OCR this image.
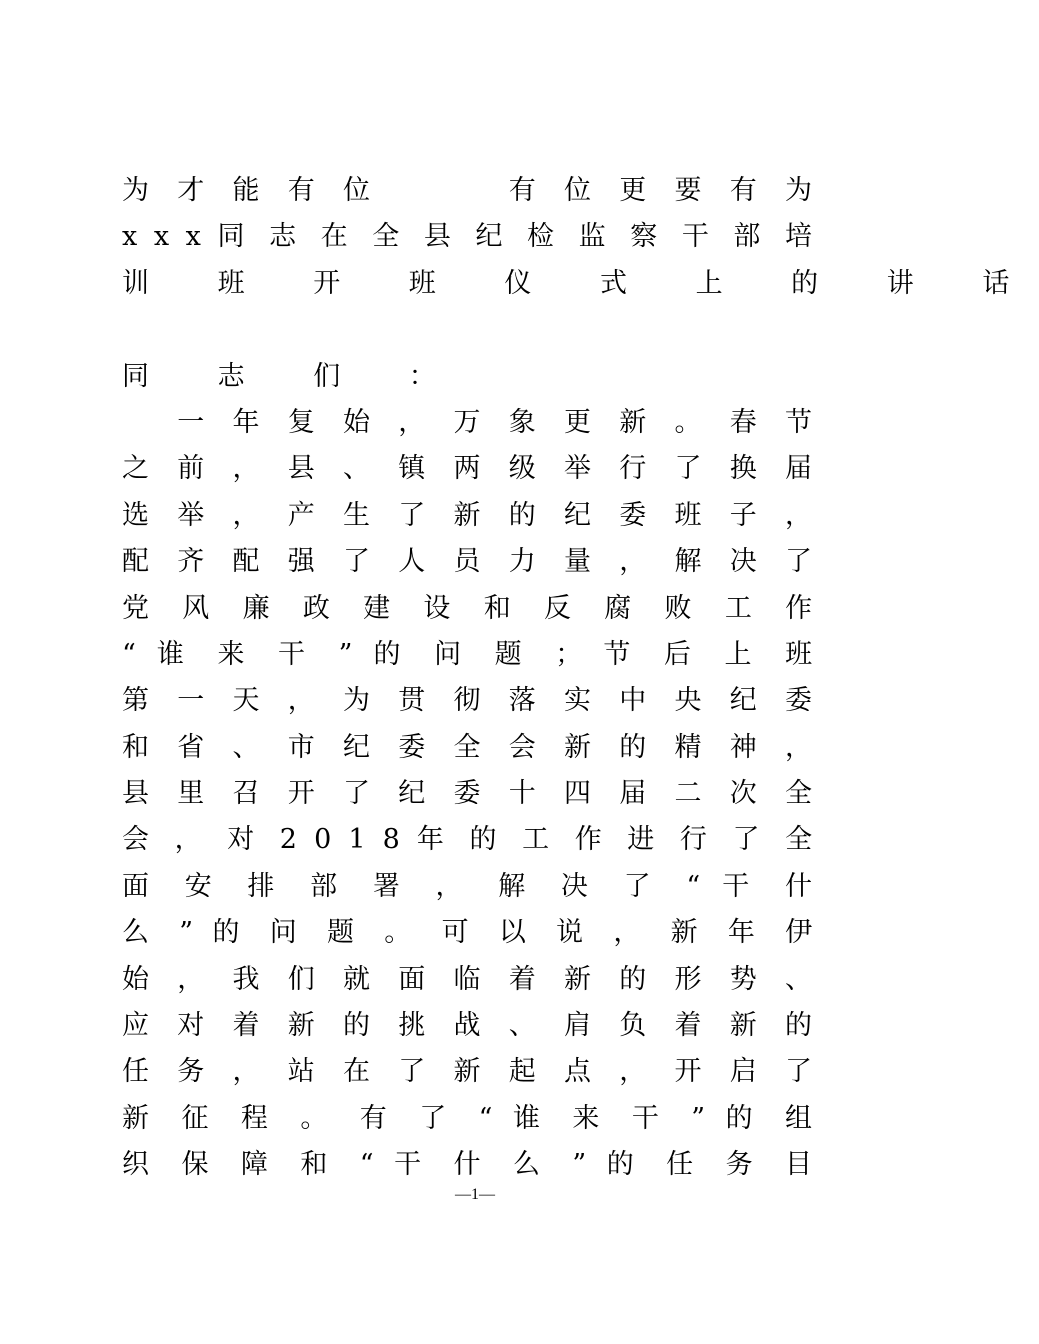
为 才 能 有 位 　 　	有 位 更 要 有 为
x x x 同 志 在 全 县 纪 检 监 察 干 部 培
训 班 开 班 仪 式 上 的 讲 话
同 志 们 ：
　 一 年 复 始 ， 万 象 更 新 。 春 节
之 前 ， 县 、 镇 两 级 举 行 了 换 届
选 举 ， 产 生 了 新 的 纪 委 班 子 ，
配 齐 配 强 了 人 员 力 量 ， 解 决 了
党 风 廉 政 建 设 和 反 腐 败 工 作
“ 谁 来 干 ” 的 问 题 ； 节 后 上 班
第 一 天 ， 为 贯 彻 落 实 中 央 纪 委
和 省 、 市 纪 委 全 会 新 的 精 神 ，
县 里 召 开 了 纪 委 十 四 届 二 次 全
会 ， 对 2 0 1 8 年 的 工 作 进 行 了 全
面 安 排 部 署 ， 解 决 了 “ 干 什
么 ” 的 问 题 。 可 以 说 ， 新 年 伊
始 ， 我 们 就 面 临 着 新 的 形 势 、
应 对 着 新 的 挑 战 、 肩 负 着 新 的
任 务 ， 站 在 了 新 起 点 ， 开 启 了
新 征 程 。 有 了 “ 谁 来 干 ” 的 组
织 保 障 和 “ 干 什 么 ” 的 任 务 目
—1—
